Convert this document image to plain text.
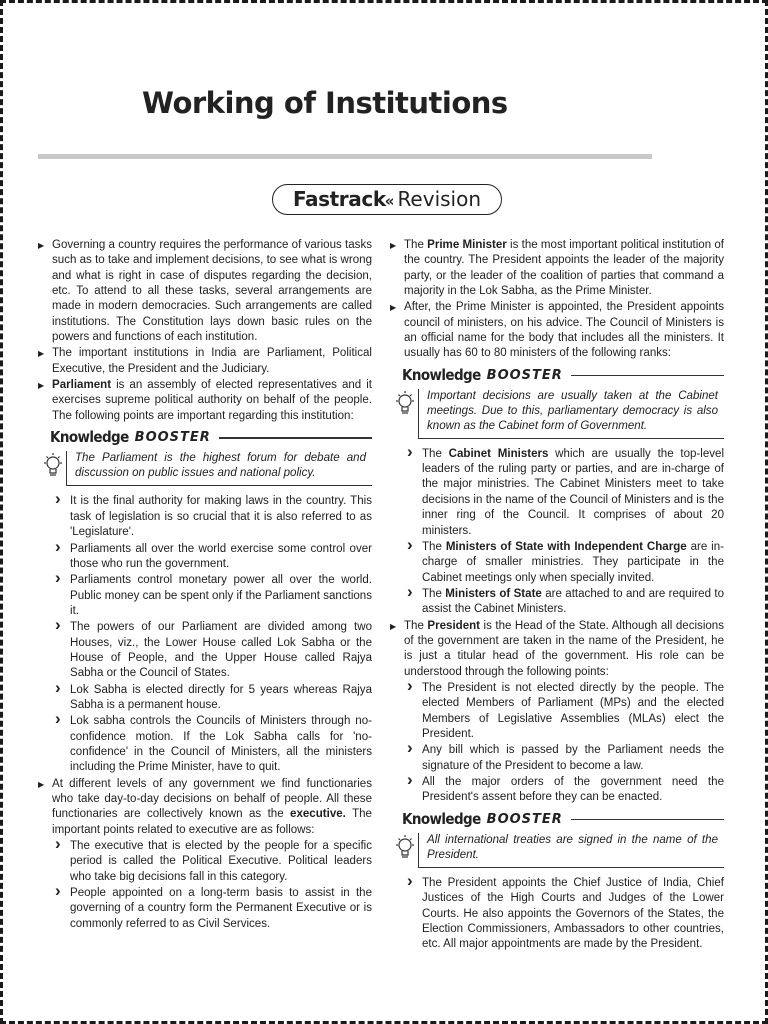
Working of Institutions
Fastrack« Revision
▶ Governing a country requires the performance of various tasks such as to take and implement decisions, to see what is wrong and what is right in case of disputes regarding the decision, etc. To attend to all these tasks, several arrangements are made in modern democracies. Such arrangements are called institutions. The Constitution lays down basic rules on the powers and functions of each institution.
▶ The important institutions in India are Parliament, Political Executive, the President and the Judiciary.
▶ Parliament is an assembly of elected representatives and it exercises supreme political authority on behalf of the people. The following points are important regarding this institution:
Knowledge BOOSTER
The Parliament is the highest forum for debate and discussion on public issues and national policy.
› It is the final authority for making laws in the country. This task of legislation is so crucial that it is also referred to as 'Legislature'.
› Parliaments all over the world exercise some control over those who run the government.
› Parliaments control monetary power all over the world. Public money can be spent only if the Parliament sanctions it.
› The powers of our Parliament are divided among two Houses, viz., the Lower House called Lok Sabha or the House of People, and the Upper House called Rajya Sabha or the Council of States.
› Lok Sabha is elected directly for 5 years whereas Rajya Sabha is a permanent house.
› Lok sabha controls the Councils of Ministers through no-confidence motion. If the Lok Sabha calls for 'no-confidence' in the Council of Ministers, all the ministers including the Prime Minister, have to quit.
▶ At different levels of any government we find functionaries who take day-to-day decisions on behalf of people. All these functionaries are collectively known as the executive. The important points related to executive are as follows:
› The executive that is elected by the people for a specific period is called the Political Executive. Political leaders who take big decisions fall in this category.
› People appointed on a long-term basis to assist in the governing of a country form the Permanent Executive or is commonly referred to as Civil Services.
▶ The Prime Minister is the most important political institution of the country. The President appoints the leader of the majority party, or the leader of the coalition of parties that command a majority in the Lok Sabha, as the Prime Minister.
▶ After, the Prime Minister is appointed, the President appoints council of ministers, on his advice. The Council of Ministers is an official name for the body that includes all the ministers. It usually has 60 to 80 ministers of the following ranks:
Knowledge BOOSTER
Important decisions are usually taken at the Cabinet meetings. Due to this, parliamentary democracy is also known as the Cabinet form of Government.
› The Cabinet Ministers which are usually the top-level leaders of the ruling party or parties, and are in-charge of the major ministries. The Cabinet Ministers meet to take decisions in the name of the Council of Ministers and is the inner ring of the Council. It comprises of about 20 ministers.
› The Ministers of State with Independent Charge are in-charge of smaller ministries. They participate in the Cabinet meetings only when specially invited.
› The Ministers of State are attached to and are required to assist the Cabinet Ministers.
▶ The President is the Head of the State. Although all decisions of the government are taken in the name of the President, he is just a titular head of the government. His role can be understood through the following points:
› The President is not elected directly by the people. The elected Members of Parliament (MPs) and the elected Members of Legislative Assemblies (MLAs) elect the President.
› Any bill which is passed by the Parliament needs the signature of the President to become a law.
› All the major orders of the government need the President's assent before they can be enacted.
Knowledge BOOSTER
All international treaties are signed in the name of the President.
› The President appoints the Chief Justice of India, Chief Justices of the High Courts and Judges of the Lower Courts. He also appoints the Governors of the States, the Election Commissioners, Ambassadors to other countries, etc. All major appointments are made by the President.
